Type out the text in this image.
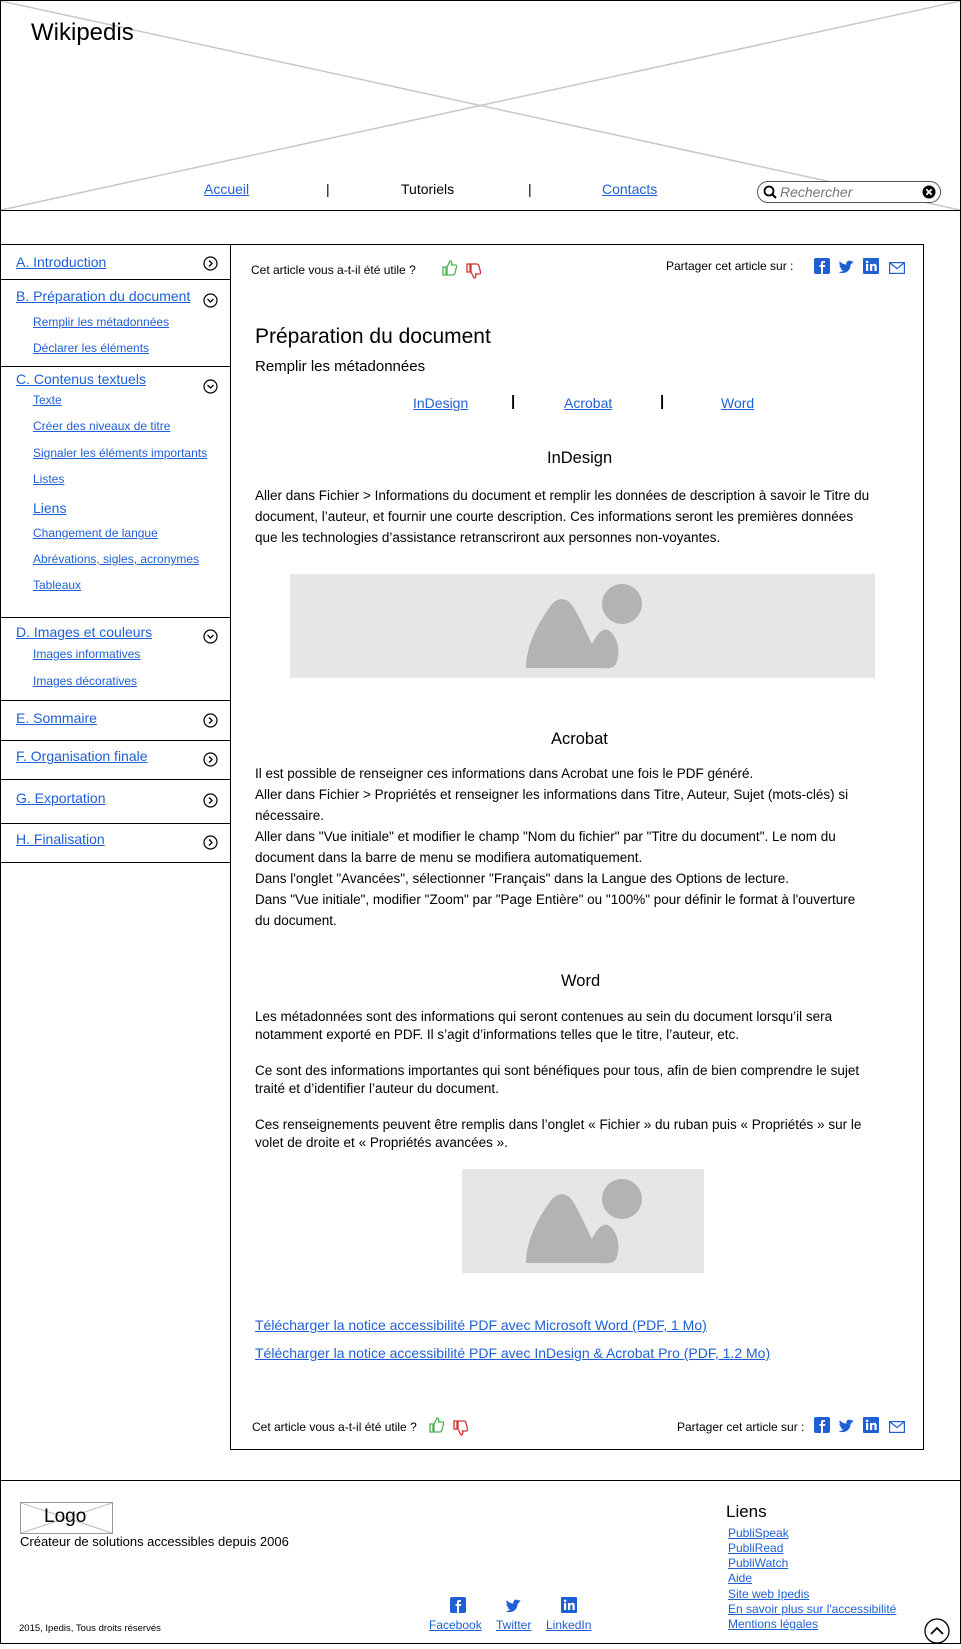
Wikipedis
Accueil	|	Tutoriels	|	Contacts
Rechercher
A. Introduction
B. Préparation du document
Remplir les métadonnées
Déclarer les éléments
C. Contenus textuels
Texte
Créer des niveaux de titre
Signaler les éléments importants
Listes
Liens
Changement de langue
Abrévations, sigles, acronymes
Tableaux
D. Images et couleurs
Images informatives
Images décoratives
E. Sommaire
F. Organisation finale
G. Exportation
H. Finalisation
Cet article vous a-t-il été utile ?	Partager cet article sur :
Préparation du document
Remplir les métadonnées
InDesign	|	Acrobat	|	Word
InDesign
Aller dans Fichier > Informations du document et remplir les données de description à savoir le Titre du
document, l’auteur, et fournir une courte description. Ces informations seront les premières données
que les technologies d’assistance retranscriront aux personnes non-voyantes.
Acrobat
Il est possible de renseigner ces informations dans Acrobat une fois le PDF généré.
Aller dans Fichier > Propriétés et renseigner les informations dans Titre, Auteur, Sujet (mots-clés) si
nécessaire.
Aller dans "Vue initiale" et modifier le champ "Nom du fichier" par "Titre du document". Le nom du
document dans la barre de menu se modifiera automatiquement.
Dans l'onglet "Avancées", sélectionner "Français" dans la Langue des Options de lecture.
Dans "Vue initiale", modifier "Zoom" par "Page Entière" ou "100%" pour définir le format à l'ouverture
du document.
Word
Les métadonnées sont des informations qui seront contenues au sein du document lorsqu’il sera
notamment exporté en PDF. Il s’agit d’informations telles que le titre, l’auteur, etc.
Ce sont des informations importantes qui sont bénéfiques pour tous, afin de bien comprendre le sujet
traité et d’identifier l’auteur du document.
Ces renseignements peuvent être remplis dans l’onglet « Fichier » du ruban puis « Propriétés » sur le
volet de droite et « Propriétés avancées ».
Télécharger la notice accessibilité PDF avec Microsoft Word (PDF, 1 Mo)
Télécharger la notice accessibilité PDF avec InDesign & Acrobat Pro (PDF, 1.2 Mo)
Cet article vous a-t-il été utile ?	Partager cet article sur :
Logo
Créateur de solutions accessibles depuis 2006
2015, Ipedis, Tous droits réservés	Facebook Twitter LinkedIn
Liens
PubliSpeak
PubliRead
PubliWatch
Aide
Site web Ipedis
En savoir plus sur l'accessibilité
Mentions légales
